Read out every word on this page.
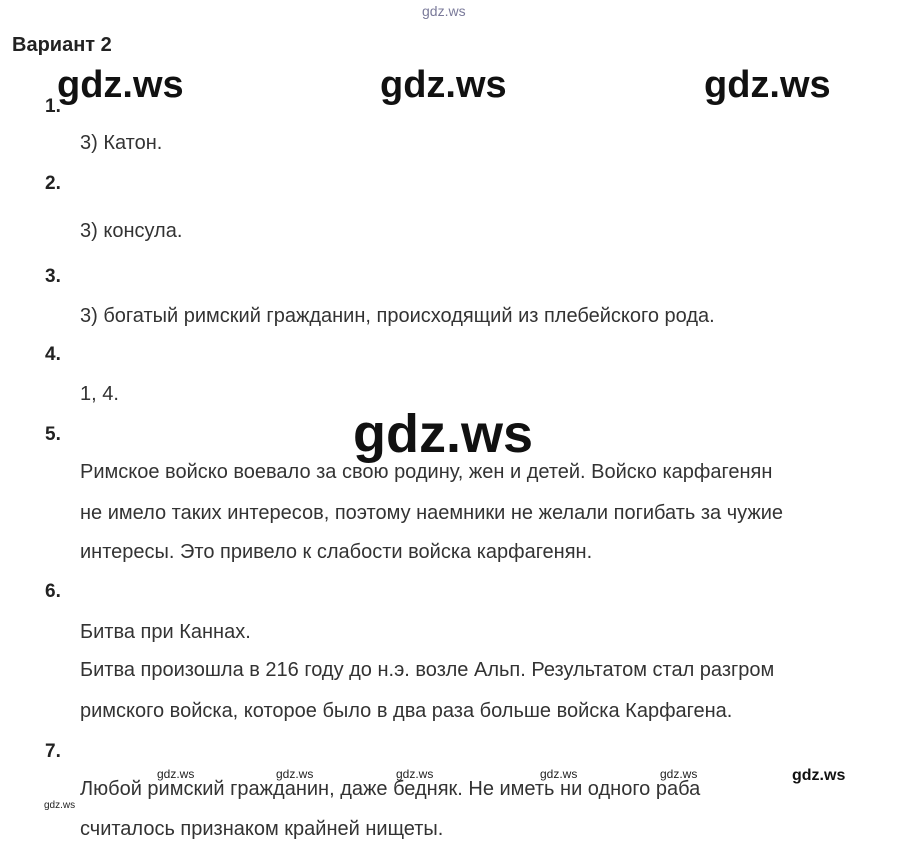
gdz.ws
Вариант 2
1.
3) Катон.
2.
3) консула.
3.
3) богатый римский гражданин, происходящий из плебейского рода.
4.
1, 4.
5.
Римское войско воевало за свою родину, жен и детей. Войско карфагенян
не имело таких интересов, поэтому наемники не желали погибать за чужие
интересы. Это привело к слабости войска карфагенян.
6.
Битва при Каннах.
Битва произошла в 216 году до н.э. возле Альп. Результатом стал разгром
римского войска, которое было в два раза больше войска Карфагена.
7.
Любой римский гражданин, даже бедняк. Не иметь ни одного раба
считалось признаком крайней нищеты.
gdz.ws	gdz.ws	gdz.ws
gdz.ws
gdz.ws	gdz.ws	gdz.ws	gdz.ws	gdz.ws	gdz.ws
gdz.ws
